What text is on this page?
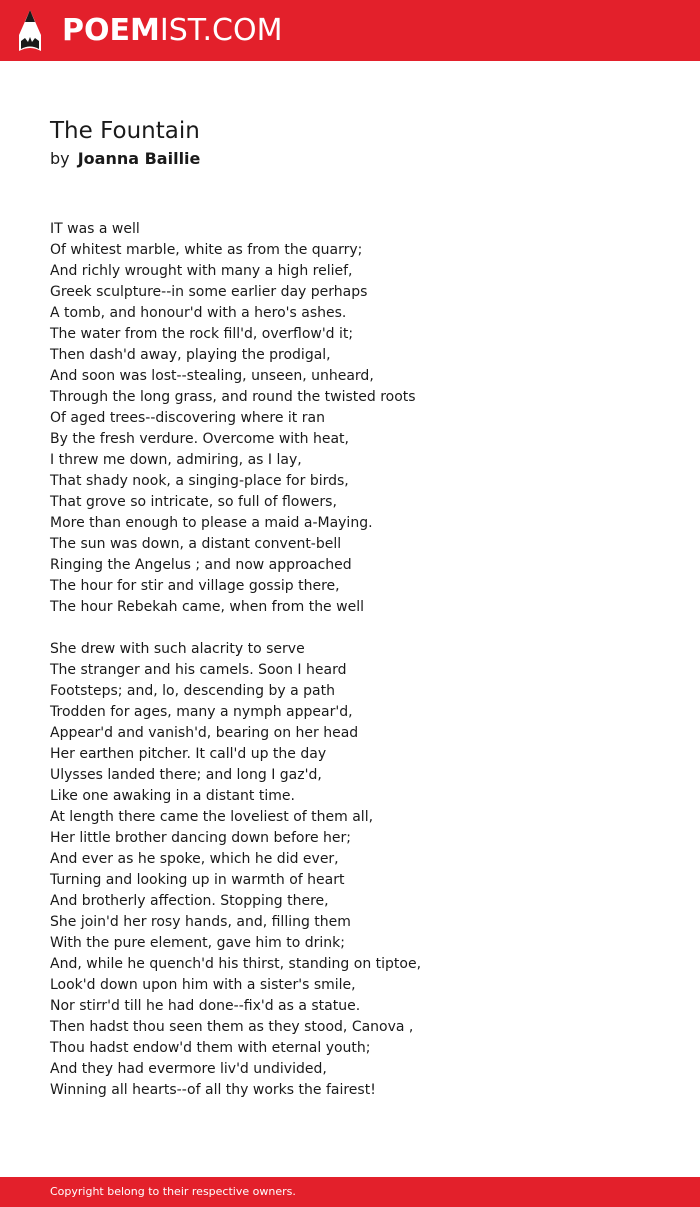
POEMIST.COM
The Fountain
by Joanna Baillie
IT was a well
Of whitest marble, white as from the quarry;
And richly wrought with many a high relief,
Greek sculpture--in some earlier day perhaps
A tomb, and honour'd with a hero's ashes.
The water from the rock fill'd, overflow'd it;
Then dash'd away, playing the prodigal,
And soon was lost--stealing, unseen, unheard,
Through the long grass, and round the twisted roots
Of aged trees--discovering where it ran
By the fresh verdure. Overcome with heat,
I threw me down, admiring, as I lay,
That shady nook, a singing-place for birds,
That grove so intricate, so full of flowers,
More than enough to please a maid a-Maying.
The sun was down, a distant convent-bell
Ringing the Angelus ; and now approached
The hour for stir and village gossip there,
The hour Rebekah came, when from the well
She drew with such alacrity to serve
The stranger and his camels. Soon I heard
Footsteps; and, lo, descending by a path
Trodden for ages, many a nymph appear'd,
Appear'd and vanish'd, bearing on her head
Her earthen pitcher. It call'd up the day
Ulysses landed there; and long I gaz'd,
Like one awaking in a distant time.
At length there came the loveliest of them all,
Her little brother dancing down before her;
And ever as he spoke, which he did ever,
Turning and looking up in warmth of heart
And brotherly affection. Stopping there,
She join'd her rosy hands, and, filling them
With the pure element, gave him to drink;
And, while he quench'd his thirst, standing on tiptoe,
Look'd down upon him with a sister's smile,
Nor stirr'd till he had done--fix'd as a statue.
Then hadst thou seen them as they stood, Canova ,
Thou hadst endow'd them with eternal youth;
And they had evermore liv'd undivided,
Winning all hearts--of all thy works the fairest!
Copyright belong to their respective owners.
